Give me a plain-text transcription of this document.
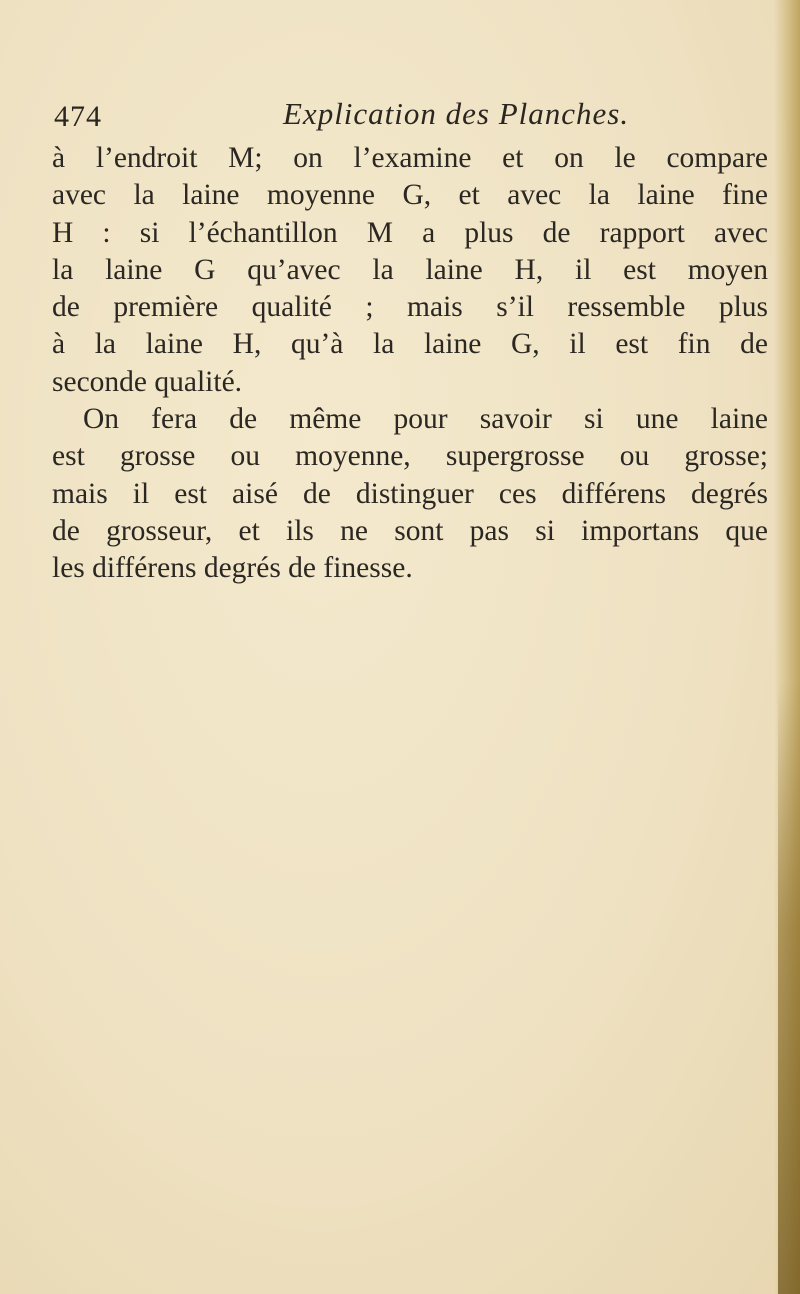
474	Explication des Planches.
à l’endroit M; on l’examine et on le compare
avec la laine moyenne G, et avec la laine fine
H : si l’échantillon M a plus de rapport avec
la laine G qu’avec la laine H, il est moyen
de première qualité ; mais s’il ressemble plus
à la laine H, qu’à la laine G, il est fin de
seconde qualité.
On fera de même pour savoir si une laine
est grosse ou moyenne, supergrosse ou grosse;
mais il est aisé de distinguer ces différens degrés
de grosseur, et ils ne sont pas si importans que
les différens degrés de finesse.
